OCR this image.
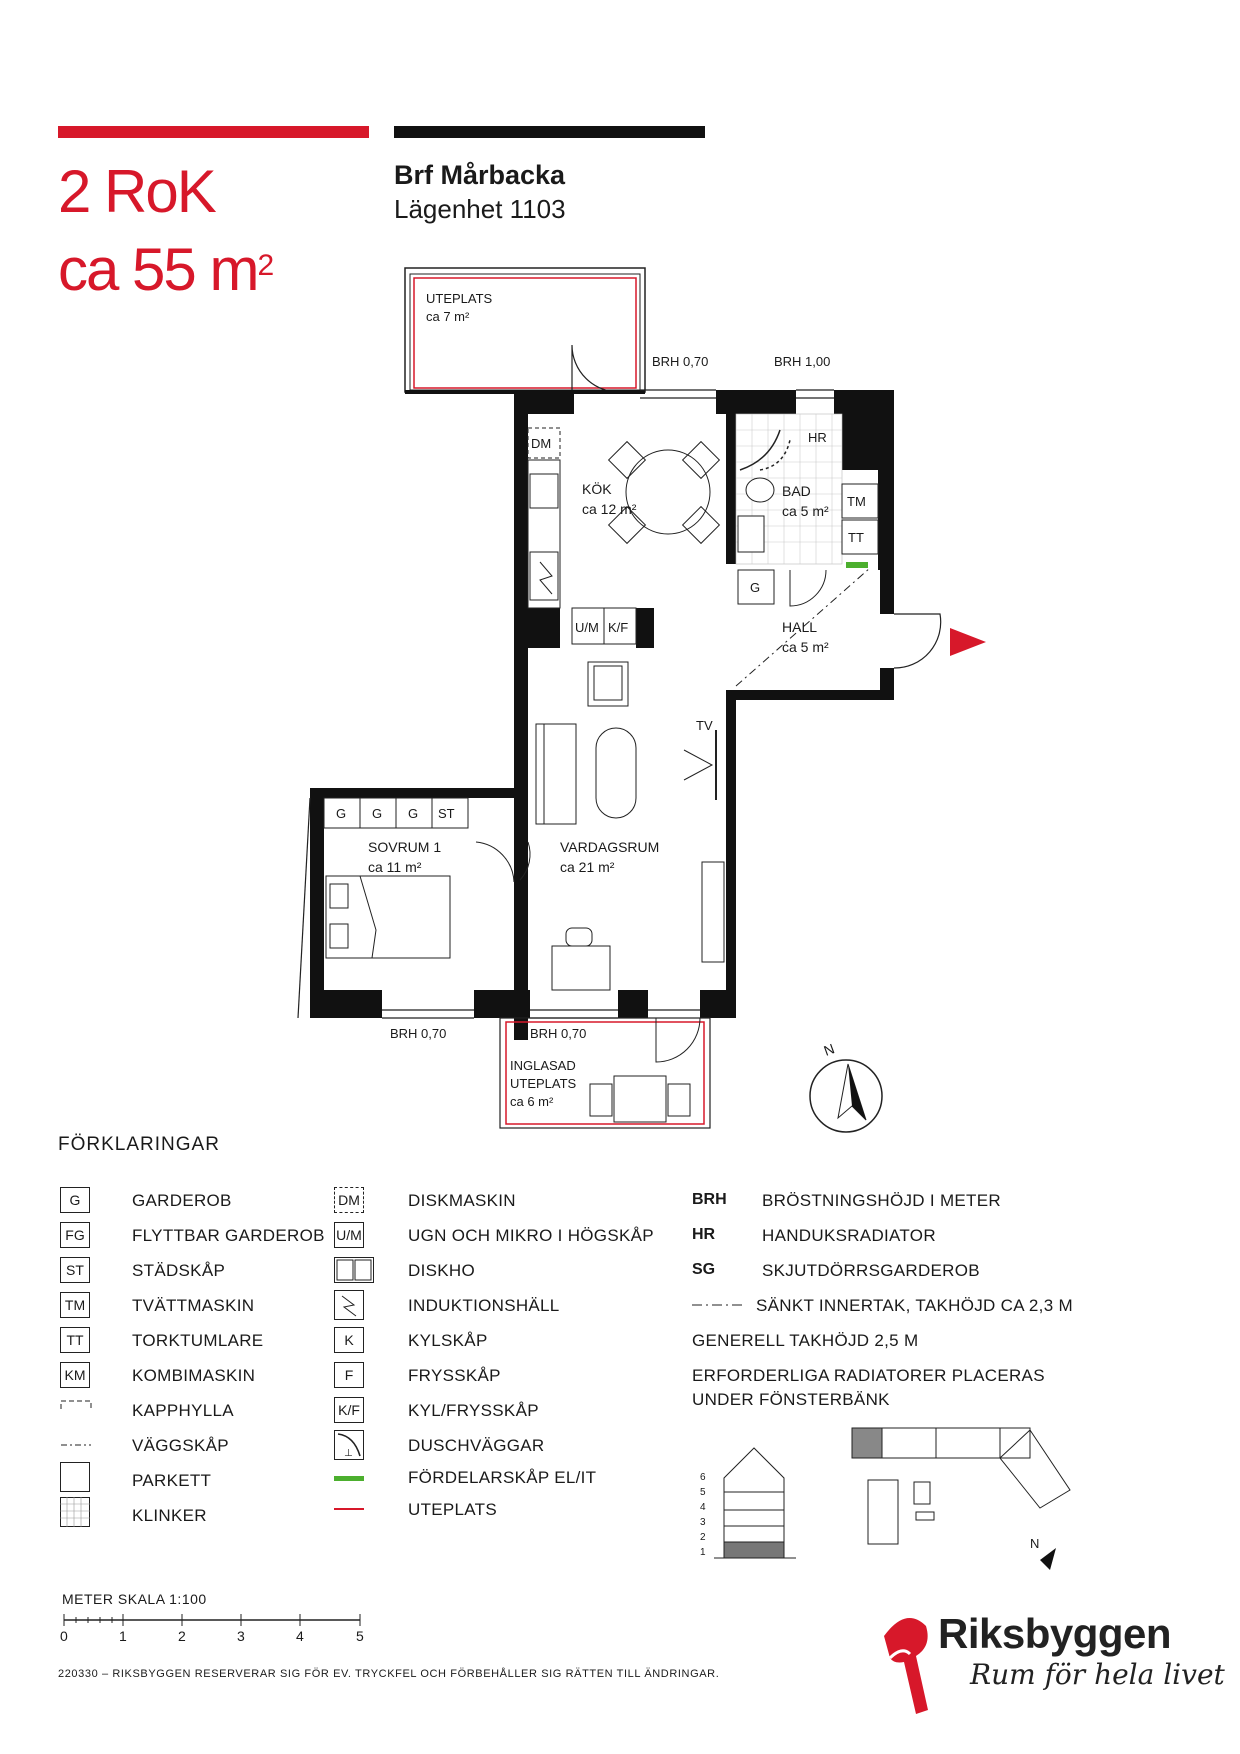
2 RoK
ca 55 $m^2$
Brf Mårbacka
Lägenhet 1103
UTEPLATS
ca 7 m²
BRH 0,70	BRH 1,00
DM
U/M K/F
KÖK
ca 12 m²	TM
TT
HR
BAD
ca 5 m²
G
HALL
ca 5 m²
TV
VARDAGSRUM
ca 21 m²
G G G ST
SOVRUM 1
ca 11 m²
BRH 0,70	BRH 0,70
INGLASAD
UTEPLATS
ca 6 m²
N
N
6
5
4
3
2
1
FÖRKLARINGAR
G	GARDEROB
FG	FLYTTBAR GARDEROB
ST	STÄDSKÅP
TM	TVÄTTMASKIN
TT	TORKTUMLARE
KM	KOMBIMASKIN
KAPPHYLLA
VÄGGSKÅP
PARKETT
KLINKER
DM	DISKMASKIN
U/M	UGN OCH MIKRO I HÖGSKÅP
DISKHO
INDUKTIONSHÄLL
K	KYLSKÅP
F	FRYSSKÅP
K/F	KYL/FRYSSKÅP
⊥	DUSCHVÄGGAR
FÖRDELARSKÅP EL/IT
UTEPLATS
BRH BRÖSTNINGSHÖJD I METER
HR	HANDUKSRADIATOR
SG	SKJUTDÖRRSGARDEROB
SÄNKT INNERTAK, TAKHÖJD CA 2,3 M
GENERELL TAKHÖJD 2,5 M
ERFORDERLIGA RADIATORER PLACERAS
UNDER FÖNSTERBÄNK
METER SKALA 1:100
0	1	2	3	4	5
220330 – RIKSBYGGEN RESERVERAR SIG FÖR EV. TRYCKFEL OCH FÖRBEHÅLLER SIG RÄTTEN TILL ÄNDRINGAR.
Riksbyggen
Rum för hela livet
